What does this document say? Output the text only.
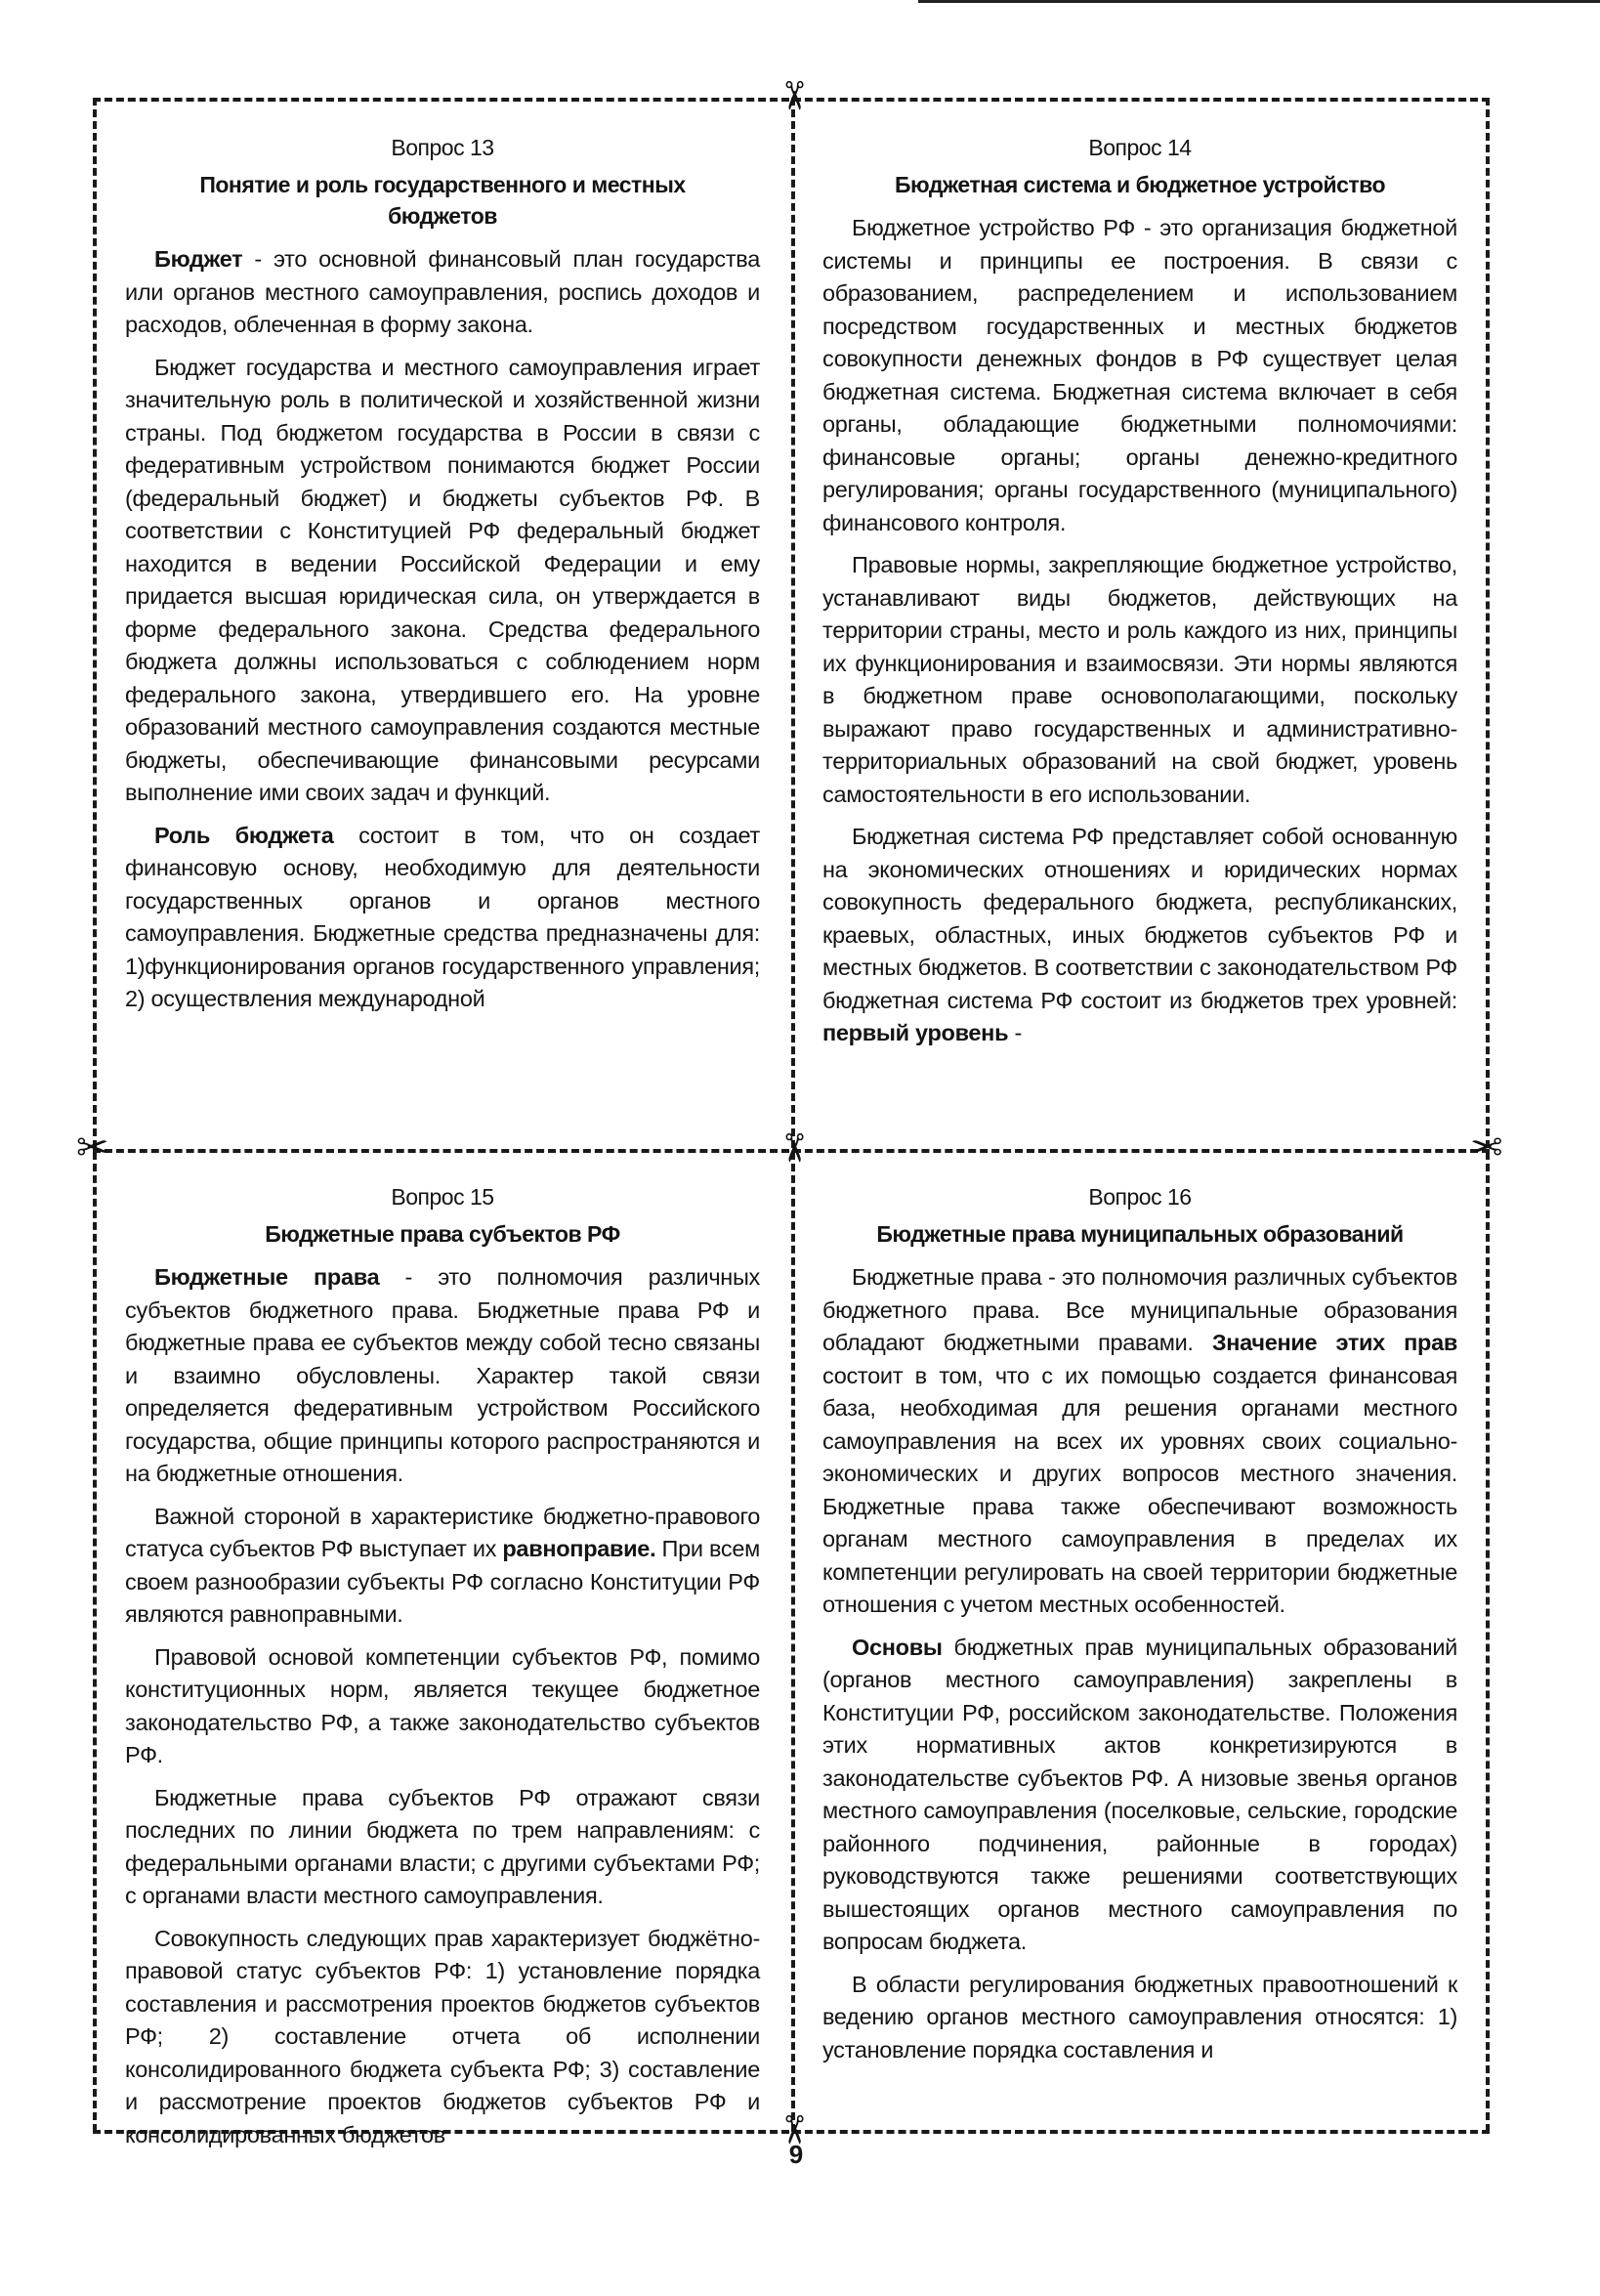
✂
✂	✂	✂
✂
Вопрос 13
Понятие и роль государственного и местных бюджетов

Бюджет - это основной финансовый план государства или органов местного самоуправления, роспись доходов и расходов, облеченная в форму закона.

Бюджет государства и местного самоуправления играет значительную роль в политической и хозяйственной жизни страны. Под бюджетом государства в России в связи с федеративным устройством понимаются бюджет России (федеральный бюджет) и бюджеты субъектов РФ. В соответствии с Конституцией РФ федеральный бюджет находится в ведении Российской Федерации и ему придается высшая юридическая сила, он утверждается в форме федерального закона. Средства федерального бюджета должны использоваться с соблюдением норм федерального закона, утвердившего его. На уровне образований местного самоуправления создаются местные бюджеты, обеспечивающие финансовыми ресурсами выполнение ими своих задач и функций.

Роль бюджета состоит в том, что он создает финансовую основу, необходимую для деятельности государственных органов и органов местного самоуправления. Бюджетные средства предназначены для: 1)функционирования органов государственного управления; 2) осуществления международной

Вопрос 14
Бюджетная система и бюджетное устройство

Бюджетное устройство РФ - это организация бюджетной системы и принципы ее построения. В связи с образованием, распределением и использованием посредством государственных и местных бюджетов совокупности денежных фондов в РФ существует целая бюджетная система. Бюджетная система включает в себя органы, обладающие бюджетными полномочиями: финансовые органы; органы денежно-кредитного регулирования; органы государственного (муниципального) финансового контроля.

Правовые нормы, закрепляющие бюджетное устройство, устанавливают виды бюджетов, действующих на территории страны, место и роль каждого из них, принципы их функционирования и взаимосвязи. Эти нормы являются в бюджетном праве основополагающими, поскольку выражают право государственных и административно-территориальных образований на свой бюджет, уровень самостоятельности в его использовании.

Бюджетная система РФ представляет собой основанную на экономических отношениях и юридических нормах совокупность федерального бюджета, республиканских, краевых, областных, иных бюджетов субъектов РФ и местных бюджетов. В соответствии с законодательством РФ бюджетная система РФ состоит из бюджетов трех уровней: первый уровень -

Вопрос 15
Бюджетные права субъектов РФ

Бюджетные права - это полномочия различных субъектов бюджетного права. Бюджетные права РФ и бюджетные права ее субъектов между собой тесно связаны и взаимно обусловлены. Характер такой связи определяется федеративным устройством Российского государства, общие принципы которого распространяются и на бюджетные отношения.

Важной стороной в характеристике бюджетно-правового статуса субъектов РФ выступает их равноправие. При всем своем разнообразии субъекты РФ согласно Конституции РФ являются равноправными.

Правовой основой компетенции субъектов РФ, помимо конституционных норм, является текущее бюджетное законодательство РФ, а также законодательство субъектов РФ.

Бюджетные права субъектов РФ отражают связи последних по линии бюджета по трем направлениям: с федеральными органами власти; с другими субъектами РФ; с органами власти местного самоуправления.

Совокупность следующих прав характеризует бюджётно-правовой статус субъектов РФ: 1) установление порядка составления и рассмотрения проектов бюджетов субъектов РФ; 2) составление отчета об исполнении консолидированного бюджета субъекта РФ; 3) составление и рассмотрение проектов бюджетов субъектов РФ и консолидированных бюджетов

Вопрос 16
Бюджетные права муниципальных образований

Бюджетные права - это полномочия различных субъектов бюджетного права. Все муниципальные образования обладают бюджетными правами. Значение этих прав состоит в том, что с их помощью создается финансовая база, необходимая для решения органами местного самоуправления на всех их уровнях своих социально-экономических и других вопросов местного значения. Бюджетные права также обеспечивают возможность органам местного самоуправления в пределах их компетенции регулировать на своей территории бюджетные отношения с учетом местных особенностей.

Основы бюджетных прав муниципальных образований (органов местного самоуправления) закреплены в Конституции РФ, российском законодательстве. Положения этих нормативных актов конкретизируются в законодательстве субъектов РФ. А низовые звенья органов местного самоуправления (поселковые, сельские, городские районного подчинения, районные в городах) руководствуются также решениями соответствующих вышестоящих органов местного самоуправления по вопросам бюджета.

В области регулирования бюджетных правоотношений к ведению органов местного самоуправления относятся: 1) установление порядка составления и

9
